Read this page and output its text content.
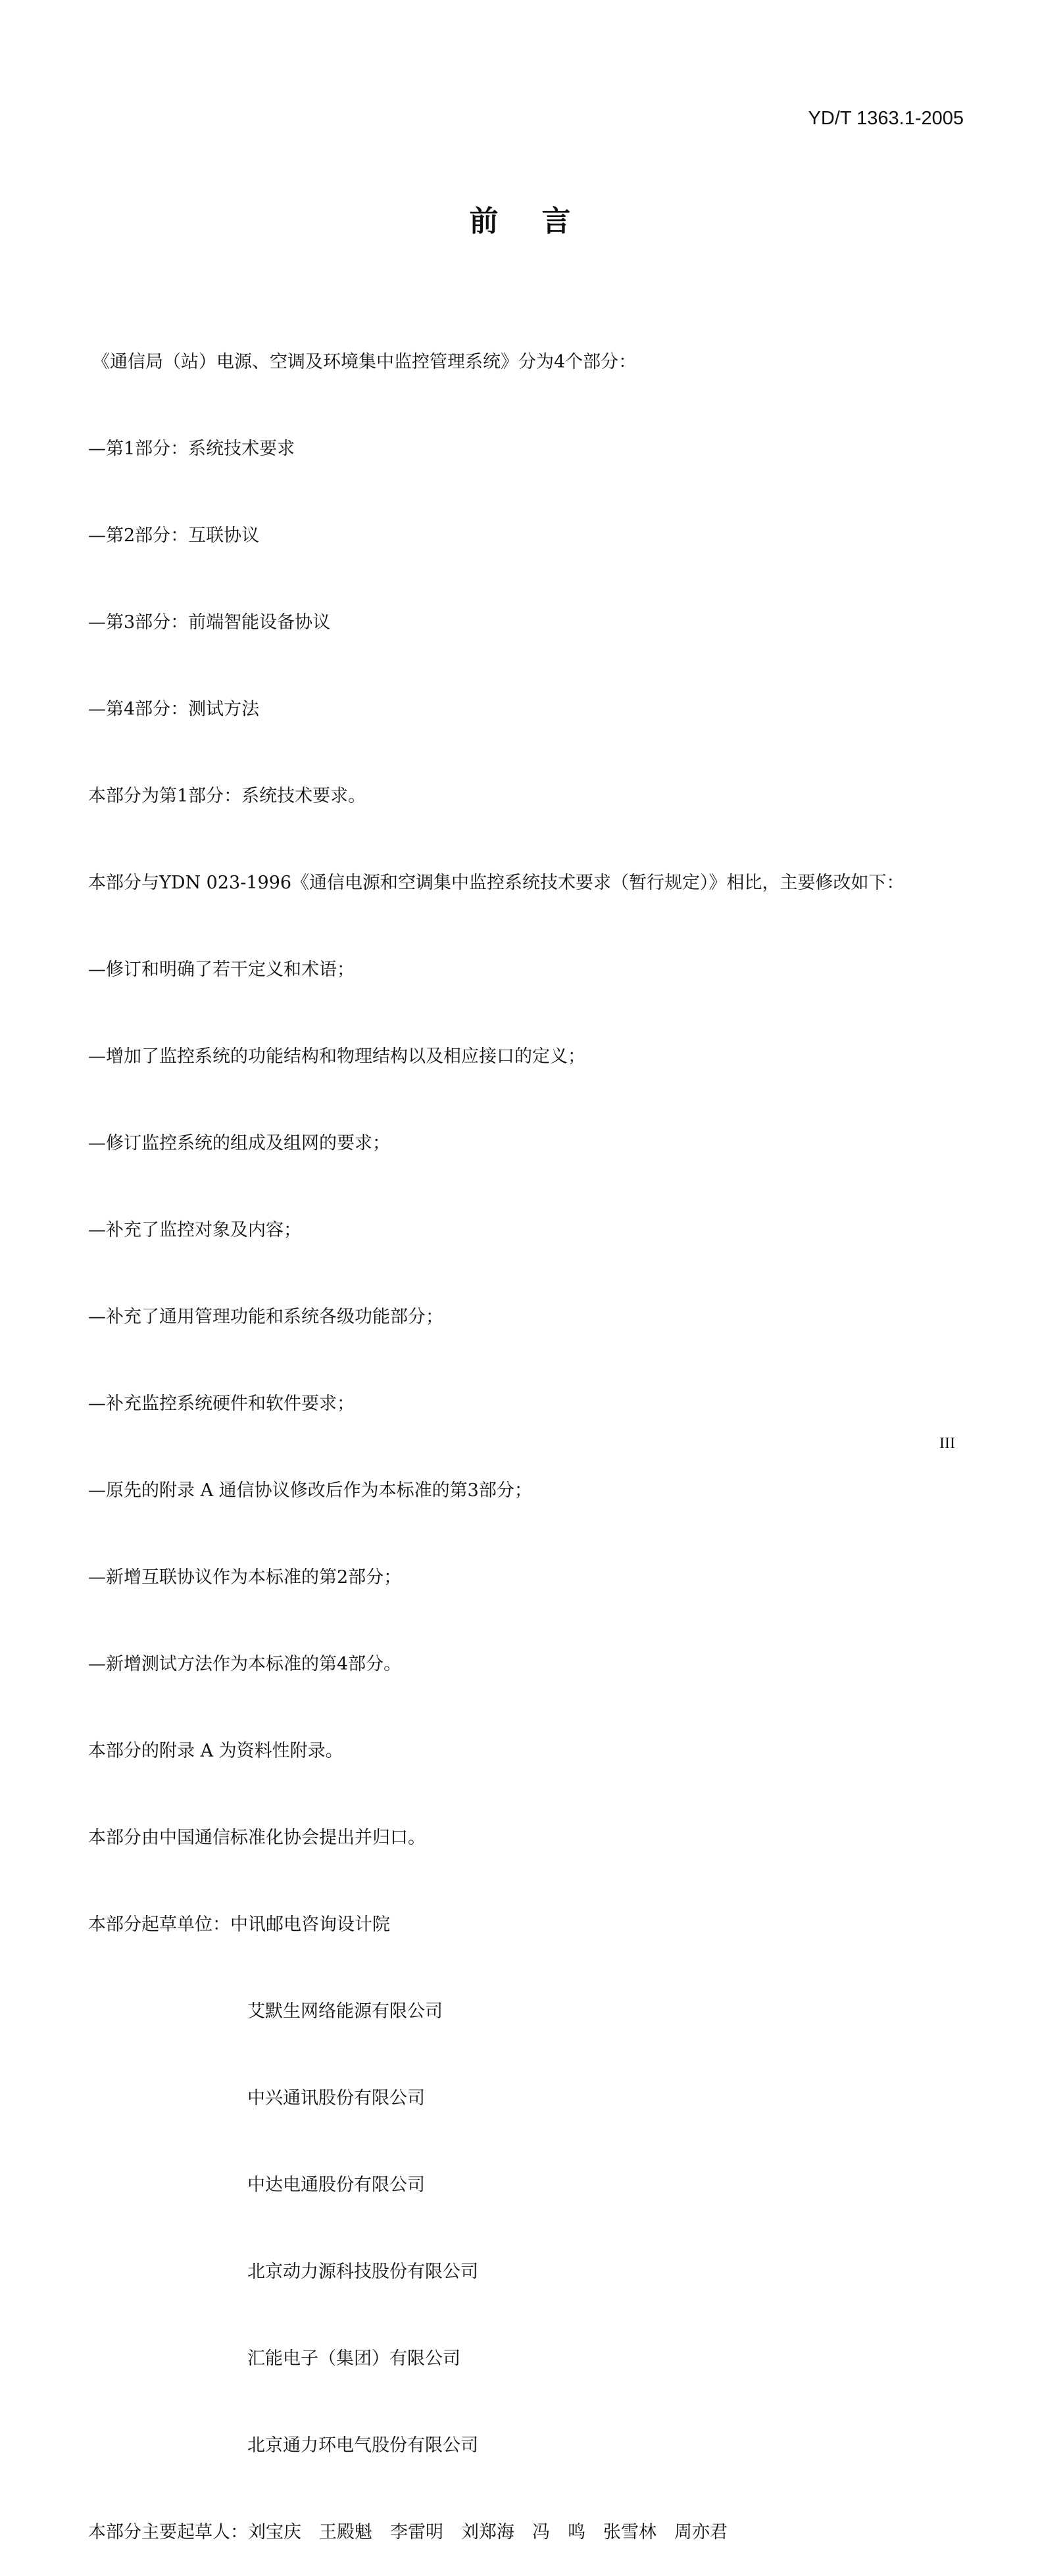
YD/T 1363.1-2005
前言

《通信局（站）电源、空调及环境集中监控管理系统》分为4个部分：

—第1部分：系统技术要求

—第2部分：互联协议

—第3部分：前端智能设备协议

—第4部分：测试方法

本部分为第1部分：系统技术要求。

本部分与YDN 023-1996《通信电源和空调集中监控系统技术要求（暂行规定）》相比，主要修改如下：

—修订和明确了若干定义和术语；

—增加了监控系统的功能结构和物理结构以及相应接口的定义；

—修订监控系统的组成及组网的要求；

—补充了监控对象及内容；

—补充了通用管理功能和系统各级功能部分；

—补充监控系统硬件和软件要求；

—原先的附录 A 通信协议修改后作为本标准的第3部分；

—新增互联协议作为本标准的第2部分；

—新增测试方法作为本标准的第4部分。

本部分的附录 A 为资料性附录。

本部分由中国通信标准化协会提出并归口。

本部分起草单位：中讯邮电咨询设计院

艾默生网络能源有限公司

中兴通讯股份有限公司

中达电通股份有限公司

北京动力源科技股份有限公司

汇能电子（集团）有限公司

北京通力环电气股份有限公司

本部分主要起草人：刘宝庆　王殿魁　李雷明　刘郑海　冯　鸣　张雪林　周亦君

III
